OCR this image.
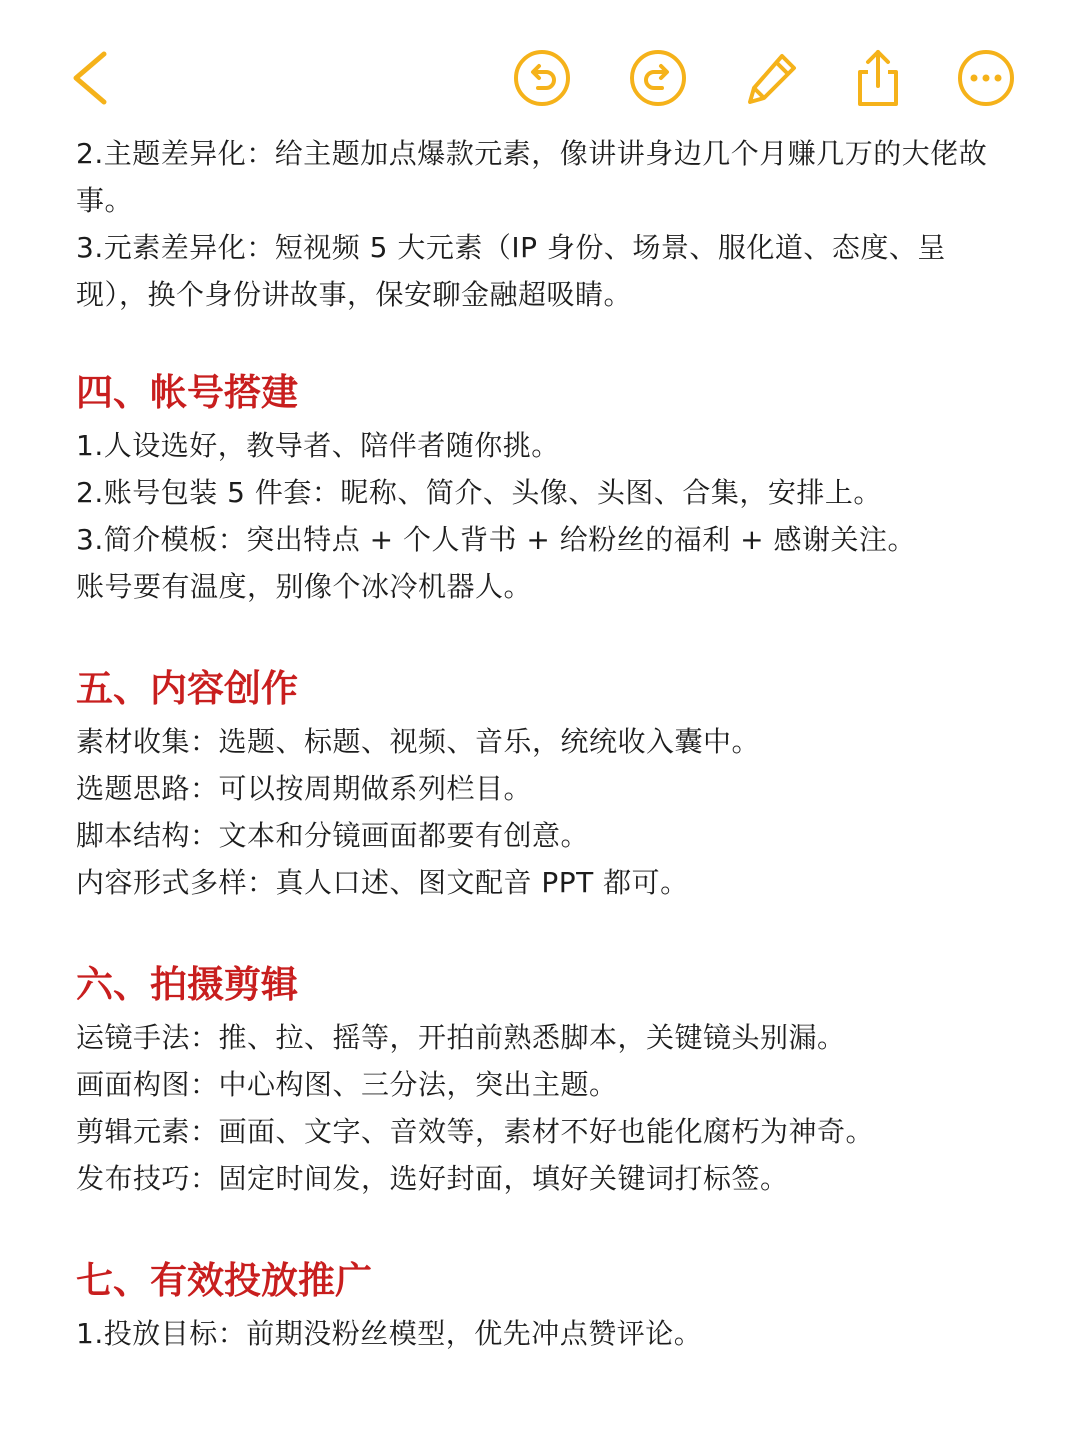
2.主题差异化：给主题加点爆款元素，像讲讲身边几个月赚几万的大佬故事。

3.元素差异化：短视频 5 大元素（IP 身份、场景、服化道、态度、呈现），换个身份讲故事，保安聊金融超吸睛。

四、帐号搭建

1.人设选好，教导者、陪伴者随你挑。

2.账号包装 5 件套：昵称、简介、头像、头图、合集，安排上。

3.简介模板：突出特点 + 个人背书 + 给粉丝的福利 + 感谢关注。

账号要有温度，别像个冰冷机器人。

五、内容创作

素材收集：选题、标题、视频、音乐，统统收入囊中。

选题思路：可以按周期做系列栏目。

脚本结构：文本和分镜画面都要有创意。

内容形式多样：真人口述、图文配音 PPT 都可。

六、拍摄剪辑

运镜手法：推、拉、摇等，开拍前熟悉脚本，关键镜头别漏。

画面构图：中心构图、三分法，突出主题。

剪辑元素：画面、文字、音效等，素材不好也能化腐朽为神奇。

发布技巧：固定时间发，选好封面，填好关键词打标签。

七、有效投放推广

1.投放目标：前期没粉丝模型，优先冲点赞评论。
